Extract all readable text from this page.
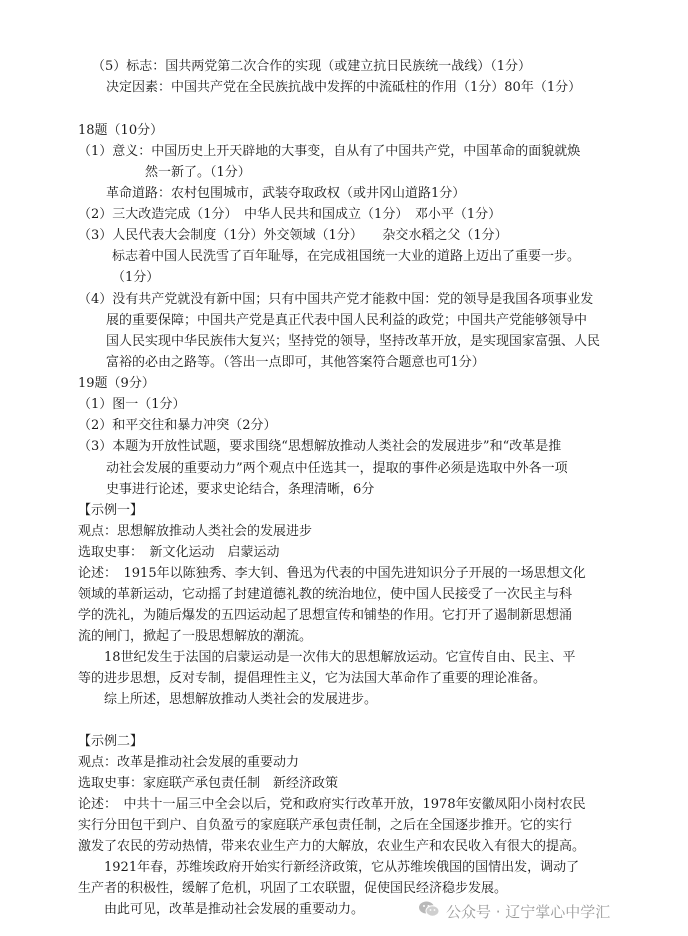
（5）标志：国共两党第二次合作的实现（或建立抗日民族统一战线）（1分）
决定因素：中国共产党在全民族抗战中发挥的中流砥柱的作用（1分）80年（1分）
18题（10分）
（1）意义：中国历史上开天辟地的大事变，自从有了中国共产党，中国革命的面貌就焕
然一新了。（1分）
革命道路：农村包围城市，武装夺取政权（或井冈山道路1分）
（2）三大改造完成（1分）　中华人民共和国成立（1分）　邓小平（1分）
（3）人民代表大会制度（1分）外交领域（1分）　　杂交水稻之父（1分）
标志着中国人民洗雪了百年耻辱，在完成祖国统一大业的道路上迈出了重要一步。
（1分）
（4）没有共产党就没有新中国；只有中国共产党才能救中国：党的领导是我国各项事业发
展的重要保障；中国共产党是真正代表中国人民利益的政党；中国共产党能够领导中
国人民实现中华民族伟大复兴；坚持党的领导，坚持改革开放，是实现国家富强、人民
富裕的必由之路等。（答出一点即可，其他答案符合题意也可1分）
19题（9分）
（1）图一（1分）
（2）和平交往和暴力冲突（2分）
（3）本题为开放性试题，要求围绕“思想解放推动人类社会的发展进步”和“改革是推
动社会发展的重要动力”两个观点中任选其一，提取的事件必须是选取中外各一项
史事进行论述，要求史论结合，条理清晰，6分
【示例一】
观点：思想解放推动人类社会的发展进步
选取史事：　新文化运动　启蒙运动
论述：　1915年以陈独秀、李大钊、鲁迅为代表的中国先进知识分子开展的一场思想文化
领域的革新运动，它动摇了封建道德礼教的统治地位，使中国人民接受了一次民主与科
学的洗礼，为随后爆发的五四运动起了思想宣传和铺垫的作用。它打开了遏制新思想涌
流的闸门，掀起了一股思想解放的潮流。
18世纪发生于法国的启蒙运动是一次伟大的思想解放运动。它宣传自由、民主、平
等的进步思想，反对专制，提倡理性主义，它为法国大革命作了重要的理论准备。
综上所述，思想解放推动人类社会的发展进步。
【示例二】
观点：改革是推动社会发展的重要动力
选取史事：家庭联产承包责任制　新经济政策
论述：　中共十一届三中全会以后，党和政府实行改革开放，1978年安徽凤阳小岗村农民
实行分田包干到户、自负盈亏的家庭联产承包责任制，之后在全国逐步推开。它的实行
激发了农民的劳动热情，带来农业生产力的大解放，农业生产和农民收入有很大的提高。
1921年春，苏维埃政府开始实行新经济政策，它从苏维埃俄国的国情出发，调动了
生产者的积极性，缓解了危机，巩固了工农联盟，促使国民经济稳步发展。
由此可见，改革是推动社会发展的重要动力。	公众号 · 辽宁掌心中学汇
